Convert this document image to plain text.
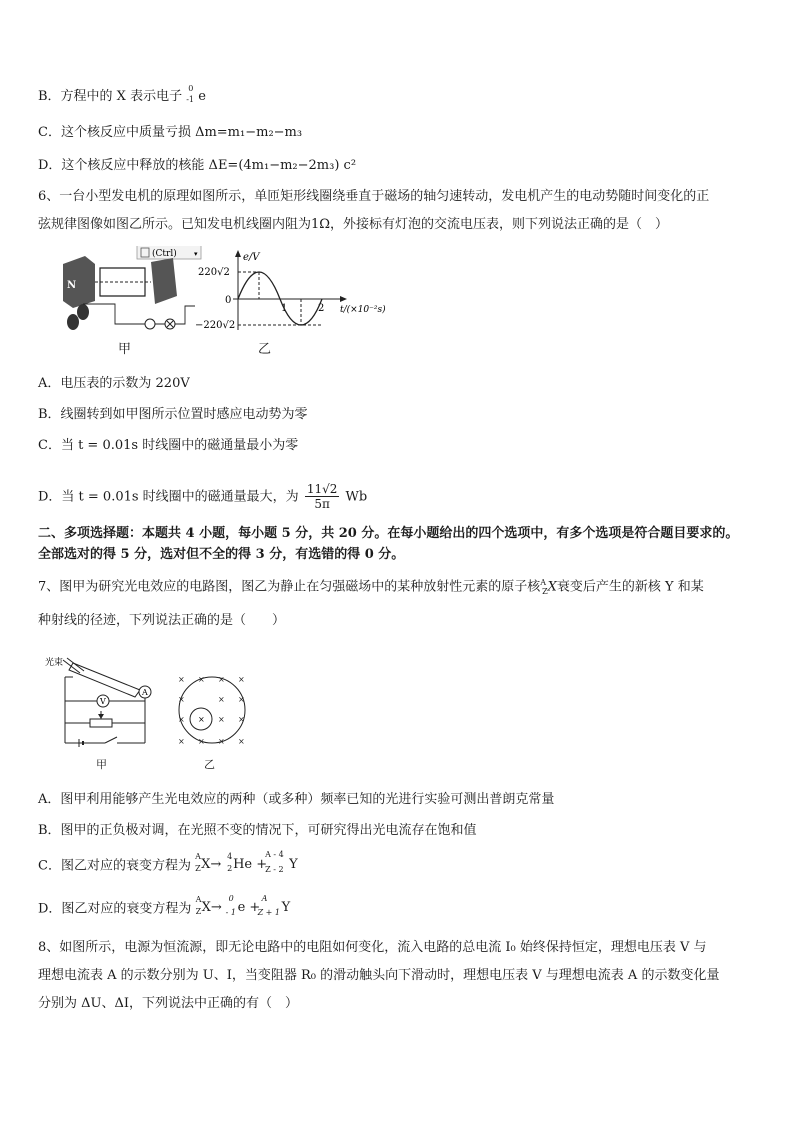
B．方程中的 X 表示电子
0
-1 e
C．这个核反应中质量亏损 Δm=m₁−m₂−m₃
D．这个核反应中释放的核能 ΔE=(4m₁−m₂−2m₃) c²
6、一台小型发电机的原理如图所示，单匝矩形线圈绕垂直于磁场的轴匀速转动，发电机产生的电动势随时间变化的正
弦规律图像如图乙所示。已知发电机线圈内阻为1Ω，外接标有灯泡的交流电压表，则下列说法正确的是（　）
(Ctrl) ▾
N
甲
e/V
t/(×10⁻²s)
220√2
−220√2
0
1	2
乙
A．电压表的示数为 220V
B．线圈转到如甲图所示位置时感应电动势为零
C．当 t = 0.01s 时线圈中的磁通量最小为零
D．当 t = 0.01s 时线圈中的磁通量最大，为 $\frac{11√2}{5\pi}$ Wb
二、多项选择题：本题共 4 小题，每小题 5 分，共 20 分。在每小题给出的四个选项中，有多个选项是符合题目要求的。
全部选对的得 5 分，选对但不全的得 3 分，有选错的得 0 分。
7、图甲为研究光电效应的电路图，图乙为静止在匀强磁场中的某种放射性元素的原子核$^A_Z$X衰变后产生的新核 Y 和某
种射线的径迹，下列说法正确的是（　　）
光束
A
V
甲
× × × ×
×	× ×
×	× ×
× × × ×
×
乙
A．图甲利用能够产生光电效应的两种（或多种）频率已知的光进行实验可测出普朗克常量
B．图甲的正负极对调，在光照不变的情况下，可研究得出光电流存在饱和值
C．图乙对应的衰变方程为
A
Z X→
4
2 He +
A - 4
Z - 2 Y
D．图乙对应的衰变方程为
A
Z X→
0
- 1 e +
A
Z + 1 Y
8、如图所示，电源为恒流源，即无论电路中的电阻如何变化，流入电路的总电流 I₀ 始终保持恒定，理想电压表 V 与
理想电流表 A 的示数分别为 U、I，当变阻器 R₀ 的滑动触头向下滑动时，理想电压表 V 与理想电流表 A 的示数变化量
分别为 ΔU、ΔI，下列说法中正确的有（　）
